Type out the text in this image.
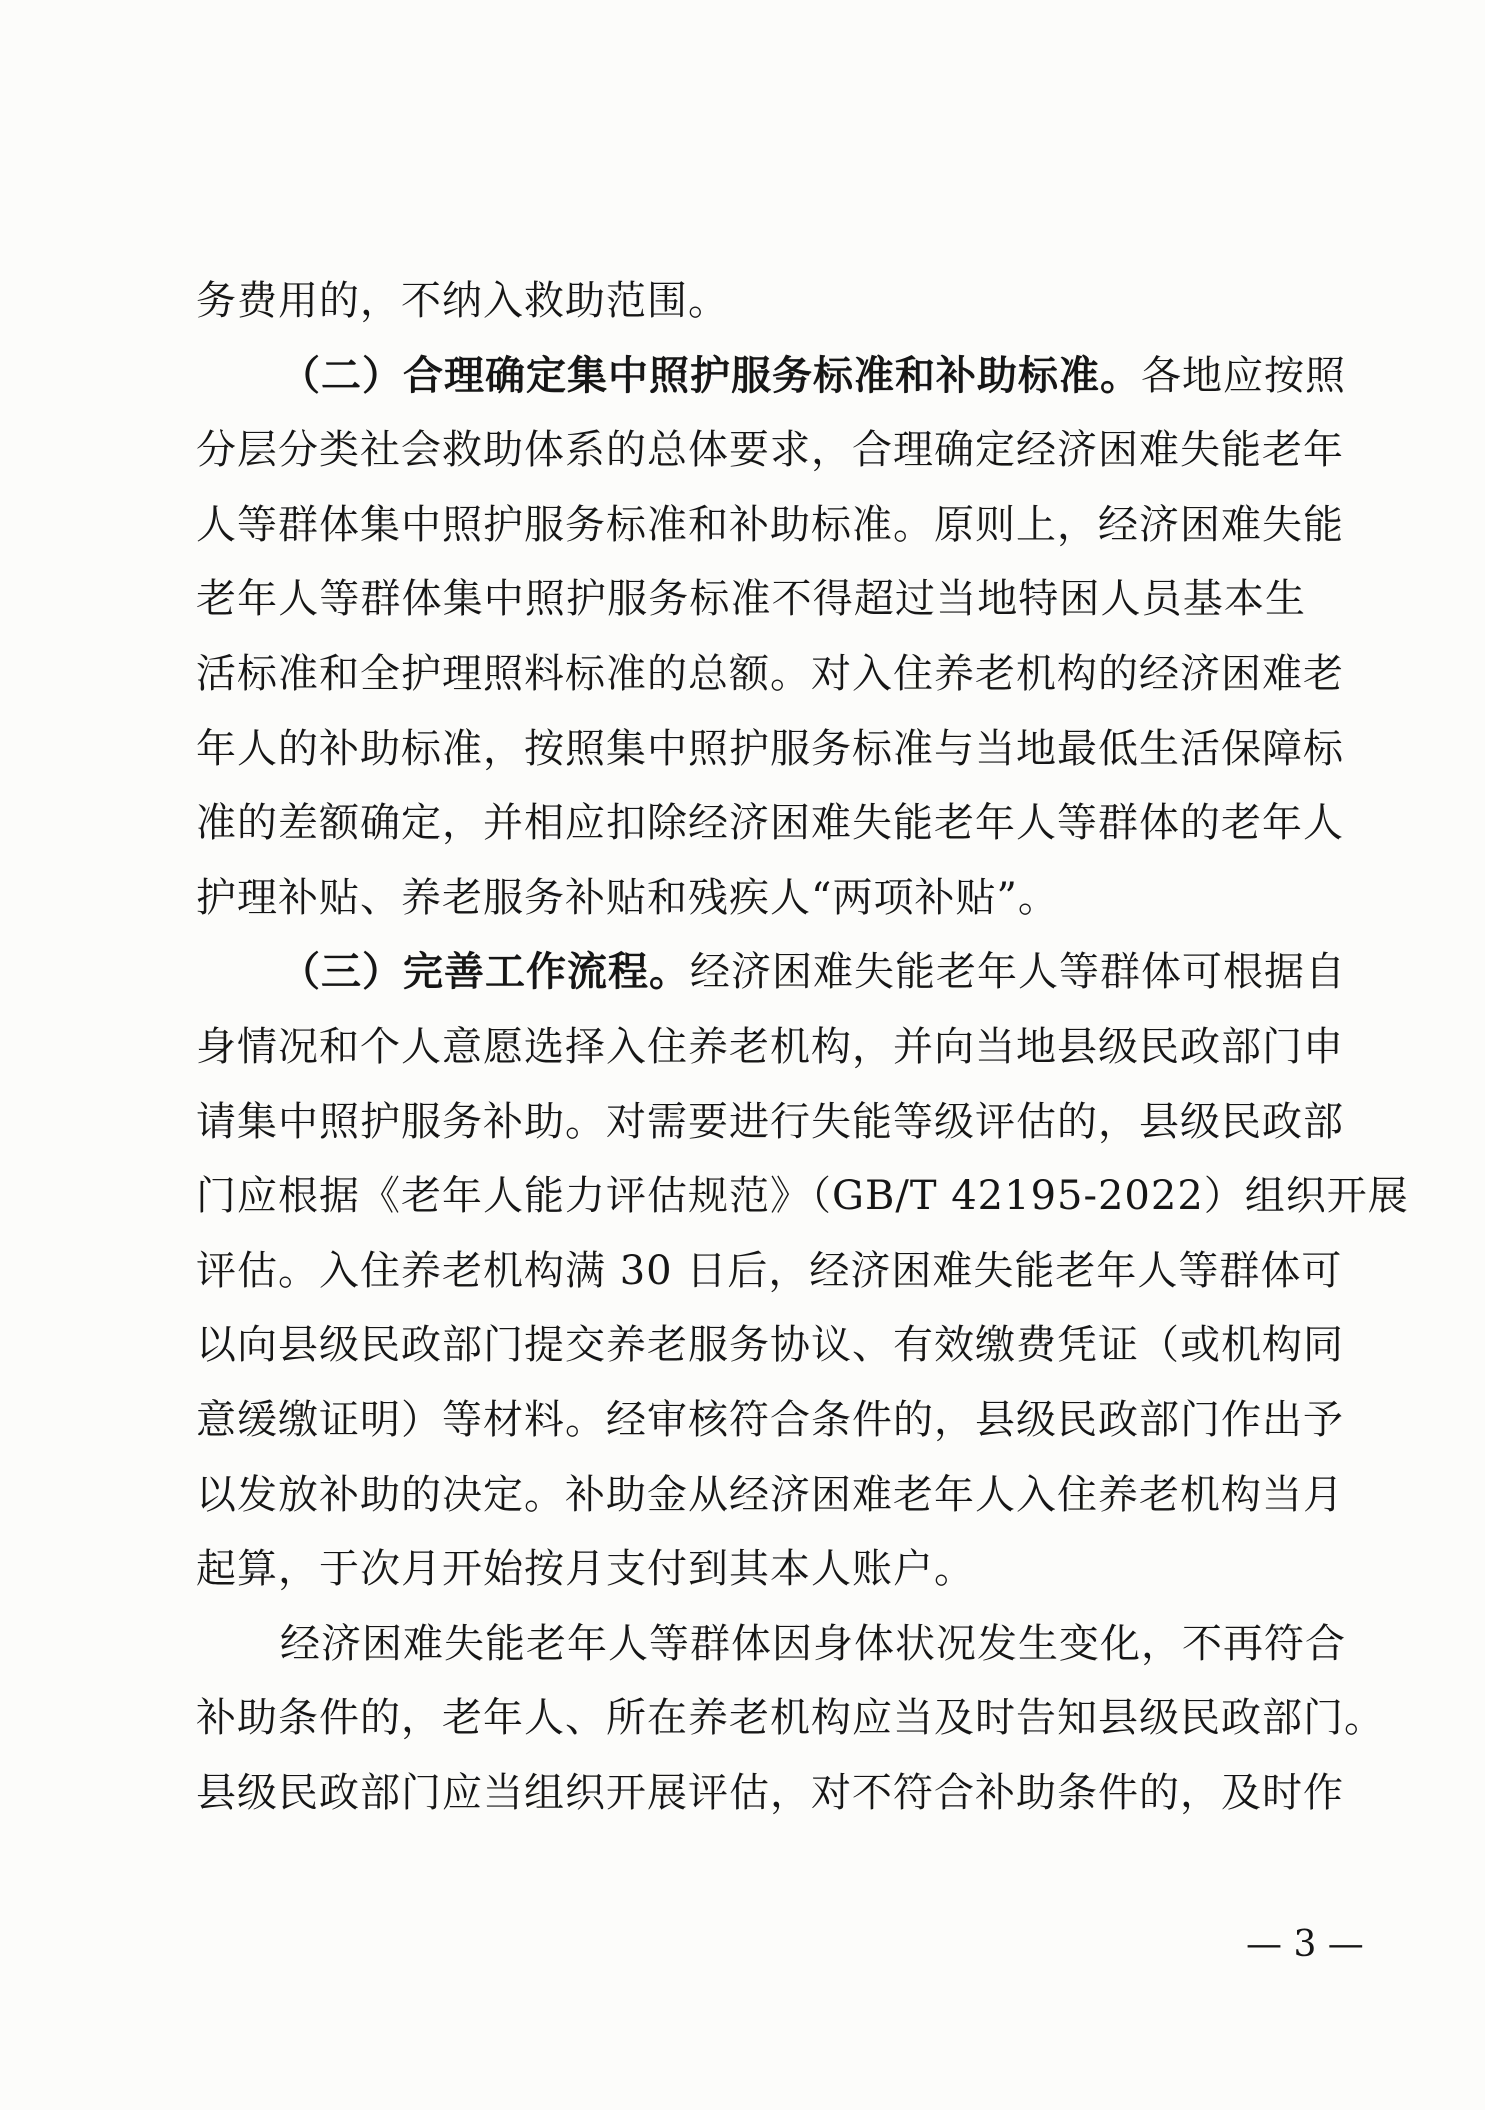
务费用的，不纳入救助范围。
（二）合理确定集中照护服务标准和补助标准。各地应按照
分层分类社会救助体系的总体要求，合理确定经济困难失能老年
人等群体集中照护服务标准和补助标准。原则上，经济困难失能
老年人等群体集中照护服务标准不得超过当地特困人员基本生
活标准和全护理照料标准的总额。对入住养老机构的经济困难老
年人的补助标准，按照集中照护服务标准与当地最低生活保障标
准的差额确定，并相应扣除经济困难失能老年人等群体的老年人
护理补贴、养老服务补贴和残疾人“两项补贴”。
（三）完善工作流程。经济困难失能老年人等群体可根据自
身情况和个人意愿选择入住养老机构，并向当地县级民政部门申
请集中照护服务补助。对需要进行失能等级评估的，县级民政部
门应根据《老年人能力评估规范》（GB/T 42195-2022）组织开展
评估。入住养老机构满 30 日后，经济困难失能老年人等群体可
以向县级民政部门提交养老服务协议、有效缴费凭证（或机构同
意缓缴证明）等材料。经审核符合条件的，县级民政部门作出予
以发放补助的决定。补助金从经济困难老年人入住养老机构当月
起算，于次月开始按月支付到其本人账户。
经济困难失能老年人等群体因身体状况发生变化，不再符合
补助条件的，老年人、所在养老机构应当及时告知县级民政部门。
县级民政部门应当组织开展评估，对不符合补助条件的，及时作
— 3 —
